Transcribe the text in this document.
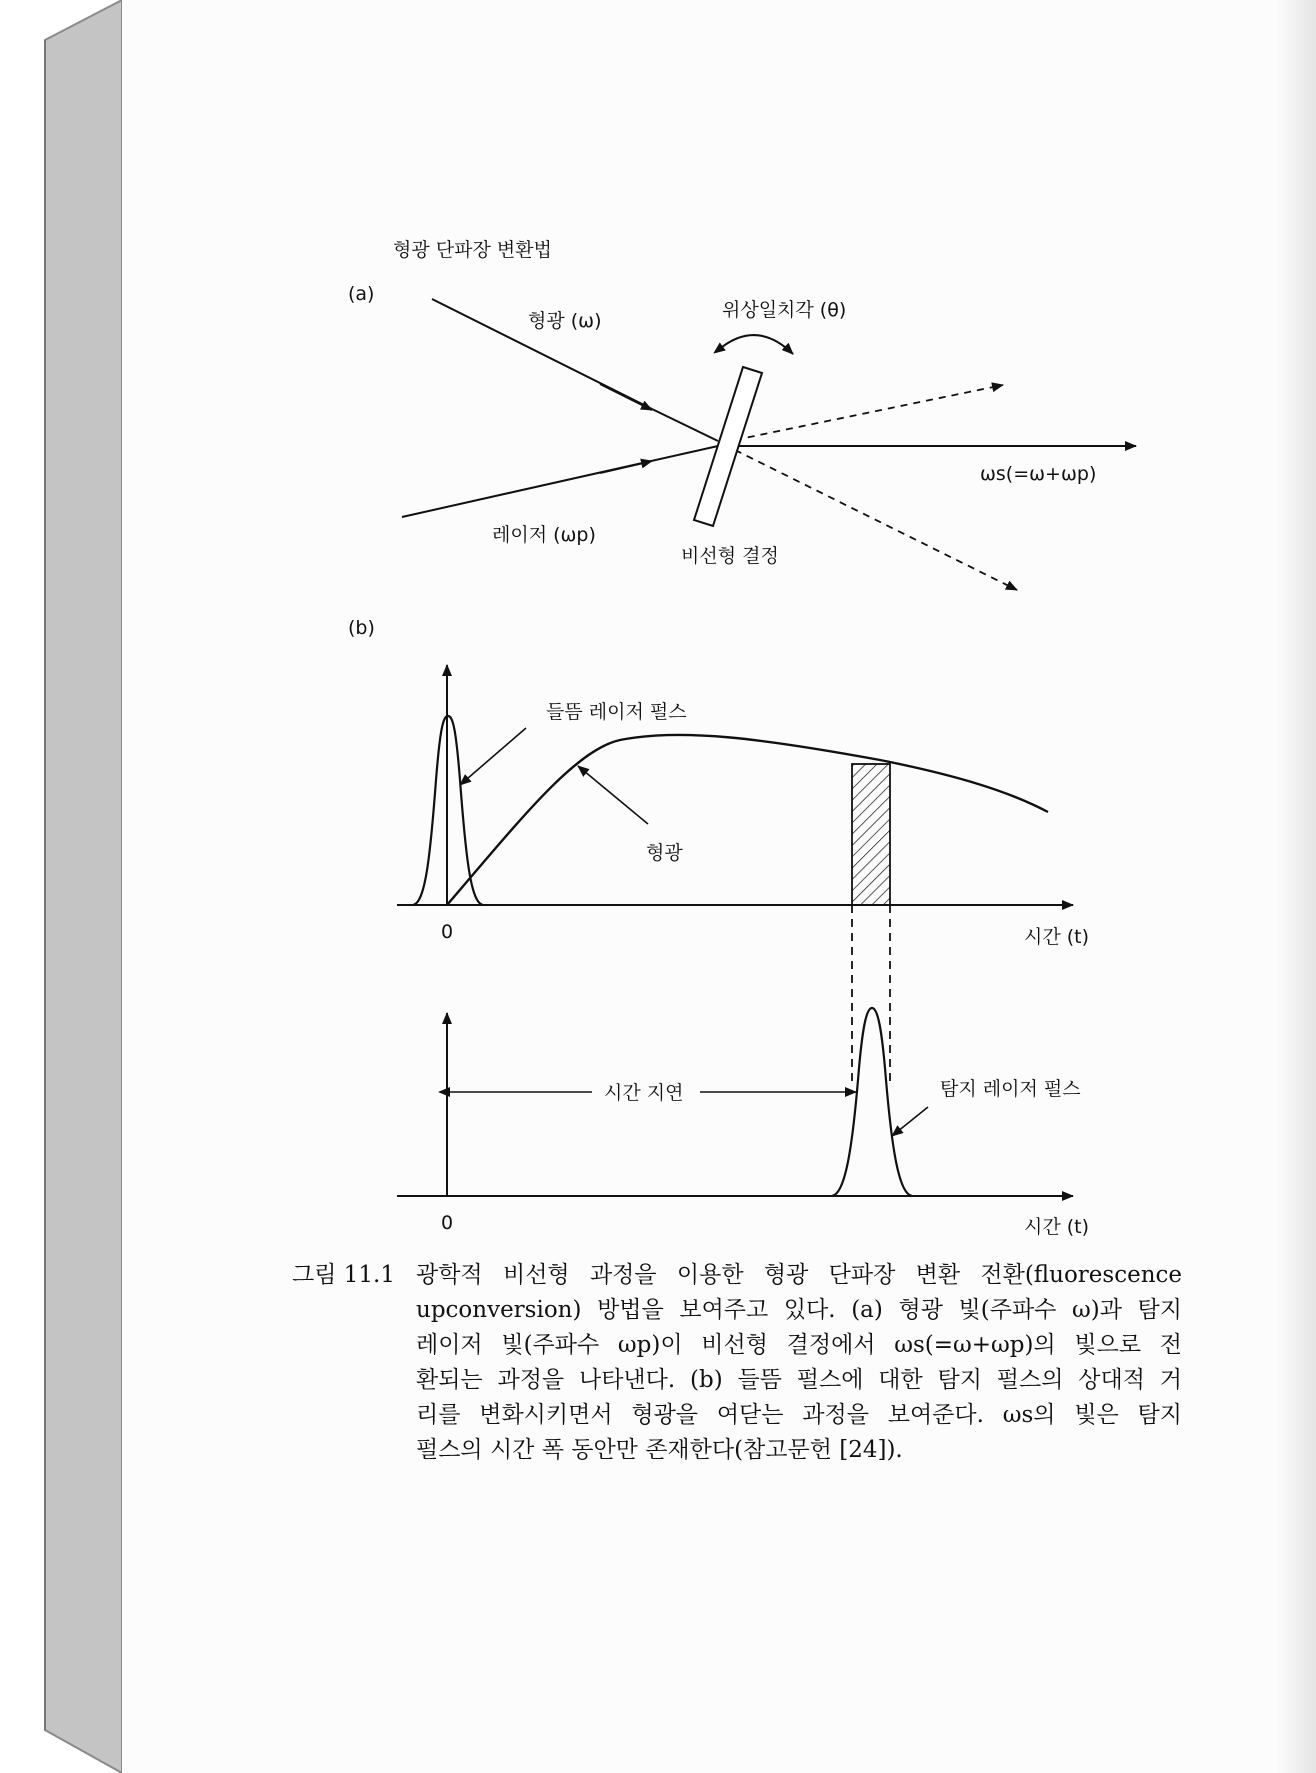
형광 단파장 변환법
(a)
형광 (ω)	위상일치각 (θ)
레이저 (ωp)
ωs(=ω+ωp)
비선형 결정
(b)
들뜸 레이저 펄스
형광
0	시간 (t)
시간 지연	탐지 레이저 펄스
0	시간 (t)
그림 11.1 광학적 비선형 과정을 이용한 형광 단파장 변환 전환(fluorescence
upconversion) 방법을 보여주고 있다. (a) 형광 빛(주파수 ω)과 탐지
레이저 빛(주파수 ωp)이 비선형 결정에서 ωs(=ω+ωp)의 빛으로 전
환되는 과정을 나타낸다. (b) 들뜸 펄스에 대한 탐지 펄스의 상대적 거
리를 변화시키면서 형광을 여닫는 과정을 보여준다. ωs의 빛은 탐지
펄스의 시간 폭 동안만 존재한다(참고문헌 [24]).
